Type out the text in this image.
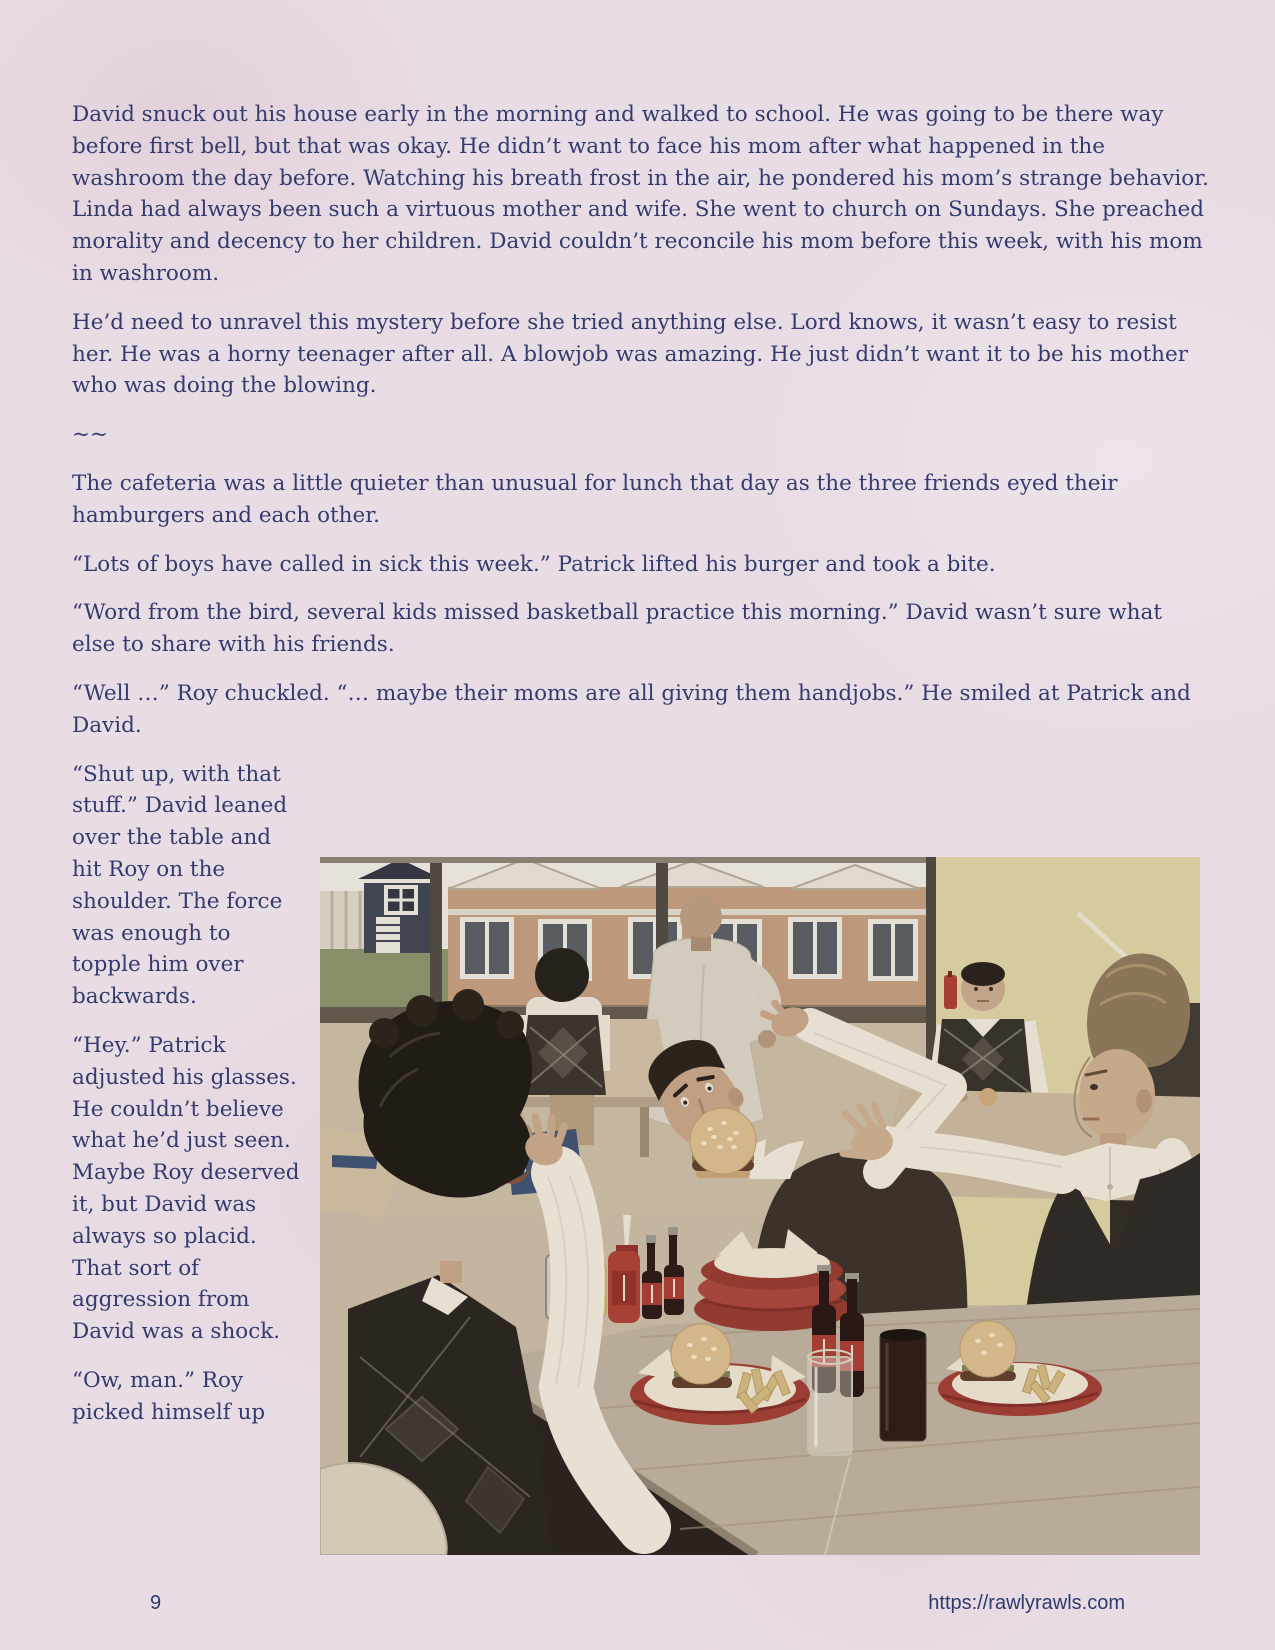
David snuck out his house early in the morning and walked to school. He was going to be there way before first bell, but that was okay. He didn’t want to face his mom after what happened in the washroom the day before. Watching his breath frost in the air, he pondered his mom’s strange behavior. Linda had always been such a virtuous mother and wife. She went to church on Sundays. She preached morality and decency to her children. David couldn’t reconcile his mom before this week, with his mom in washroom.

He’d need to unravel this mystery before she tried anything else. Lord knows, it wasn’t easy to resist her. He was a horny teenager after all. A blowjob was amazing. He just didn’t want it to be his mother who was doing the blowing.

~~

The cafeteria was a little quieter than unusual for lunch that day as the three friends eyed their hamburgers and each other.

“Lots of boys have called in sick this week.” Patrick lifted his burger and took a bite.

“Word from the bird, several kids missed basketball practice this morning.” David wasn’t sure what else to share with his friends.

“Well …” Roy chuckled. “… maybe their moms are all giving them handjobs.” He smiled at Patrick and David.

“Shut up, with that stuff.” David leaned over the table and hit Roy on the shoulder. The force was enough to topple him over backwards.

“Hey.” Patrick adjusted his glasses. He couldn’t believe what he’d just seen. Maybe Roy deserved it, but David was always so placid. That sort of aggression from David was a shock.

“Ow, man.” Roy picked himself up

9	https://rawlyrawls.com
